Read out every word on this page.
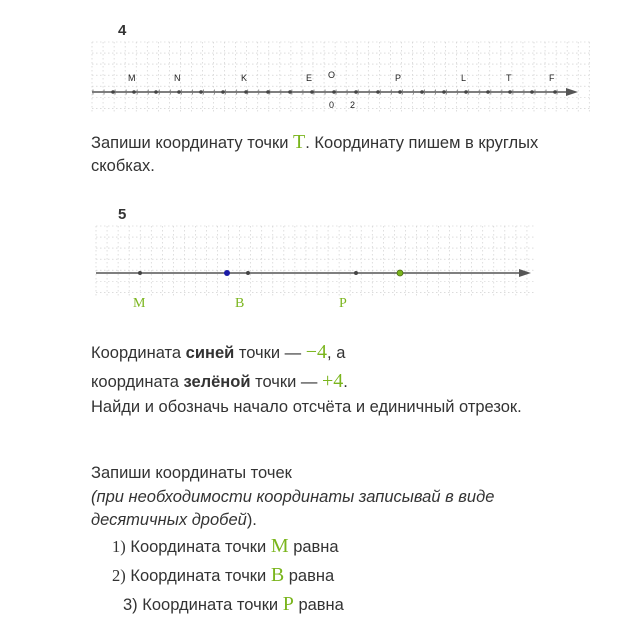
4
M	N	K	E O	P	L	T	F
0 2
Запиши координату точки T. Координату пишем в круглых скобках.
5
M	B	P
Координата синей точки — −4, а
координата зелёной точки — +4.
Найди и обозначь начало отсчёта и единичный отрезок.
Запиши координаты точек
(при необходимости координаты записывай в виде десятичных дробей).
1) Координата точки M равна
2) Координата точки B равна
3) Координата точки P равна
